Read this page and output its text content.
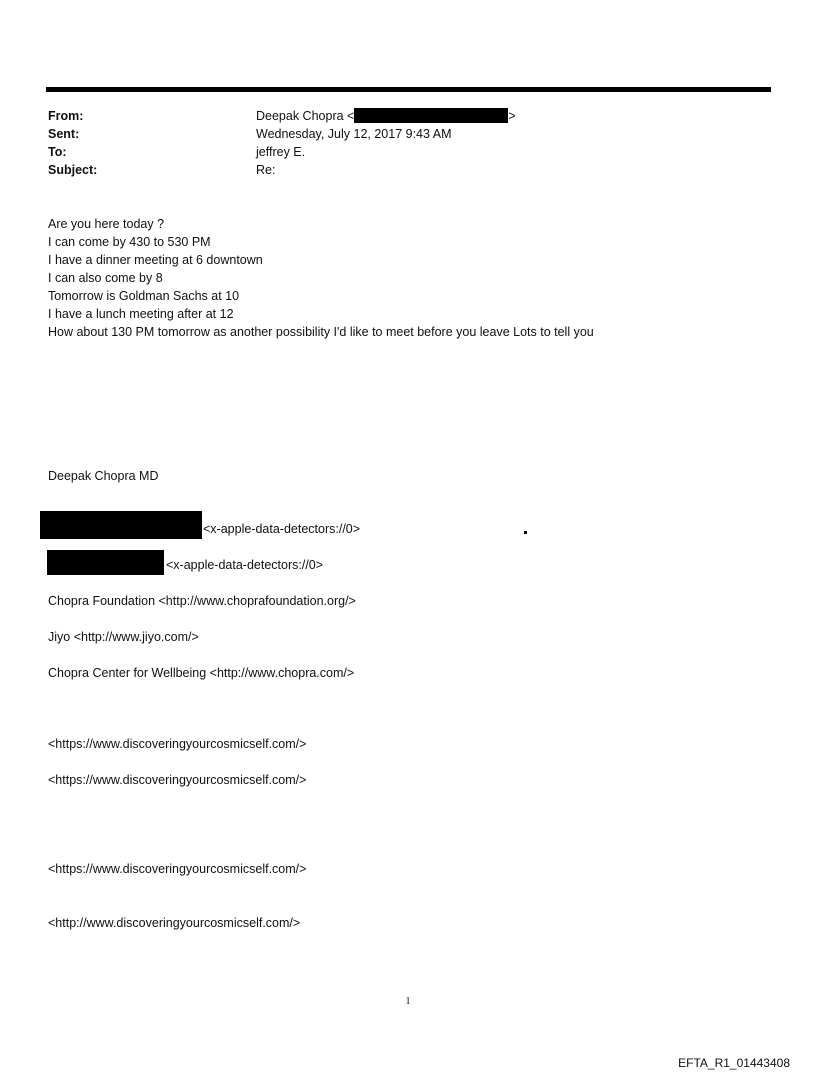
From:	Deepak Chopra <	>
Sent:	Wednesday, July 12, 2017 9:43 AM
To:	jeffrey E.
Subject:	Re:
Are you here today ?
I can come by 430 to 530 PM
I have a dinner meeting at 6 downtown
I can also come by 8
Tomorrow is Goldman Sachs at 10
I have a lunch meeting after at 12
How about 130 PM tomorrow as another possibility I'd like to meet before you leave Lots to tell you
Deepak Chopra MD
<x-apple-data-detectors://0>
<x-apple-data-detectors://0>
Chopra Foundation <http://www.choprafoundation.org/>
Jiyo <http://www.jiyo.com/>
Chopra Center for Wellbeing <http://www.chopra.com/>
<https://www.discoveringyourcosmicself.com/>
<https://www.discoveringyourcosmicself.com/>
<https://www.discoveringyourcosmicself.com/>
<http://www.discoveringyourcosmicself.com/>
1
EFTA_R1_01443408
